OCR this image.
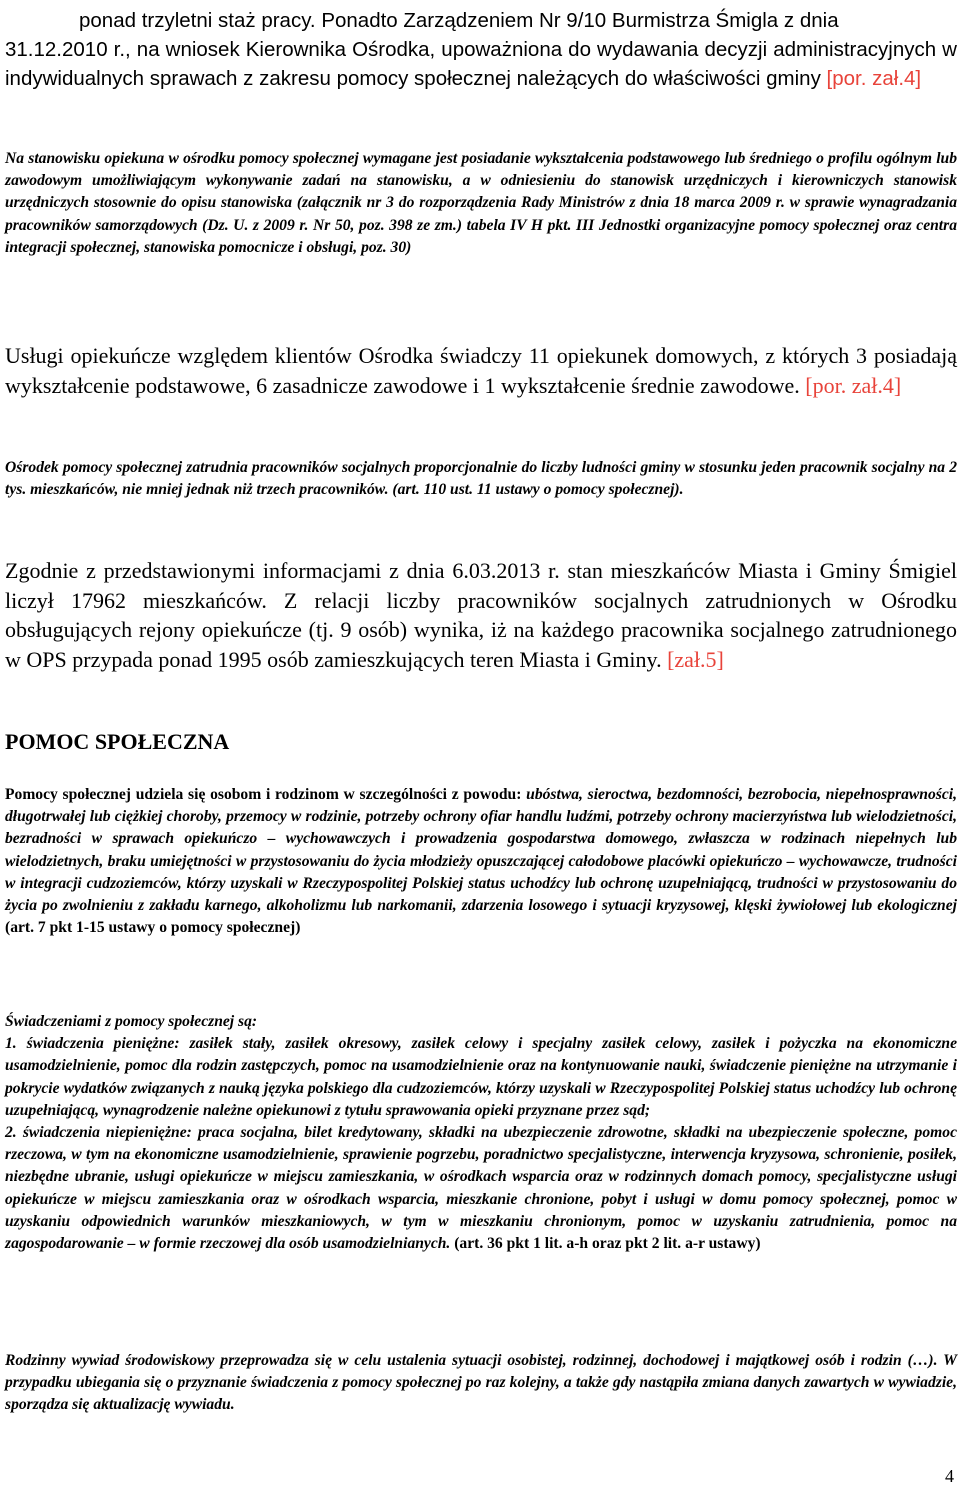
ponad trzyletni staż pracy. Ponadto Zarządzeniem Nr 9/10 Burmistrza Śmigla z dnia
31.12.2010 r., na wniosek Kierownika Ośrodka, upoważniona do wydawania decyzji administracyjnych w indywidualnych sprawach z zakresu pomocy społecznej należących do właściwości gminy [por. zał.4]

Na stanowisku opiekuna w ośrodku pomocy społecznej wymagane jest posiadanie wykształcenia podstawowego lub średniego o profilu ogólnym lub zawodowym umożliwiającym wykonywanie zadań na stanowisku, a w odniesieniu do stanowisk urzędniczych i kierowniczych stanowisk urzędniczych stosownie do opisu stanowiska (załącznik nr 3 do rozporządzenia Rady Ministrów z dnia 18 marca 2009 r. w sprawie wynagradzania pracowników samorządowych (Dz. U. z 2009 r. Nr 50, poz. 398 ze zm.) tabela IV H pkt. III Jednostki organizacyjne pomocy społecznej oraz centra integracji społecznej, stanowiska pomocnicze i obsługi, poz. 30)

Usługi opiekuńcze względem klientów Ośrodka świadczy 11 opiekunek domowych, z których 3 posiadają wykształcenie podstawowe, 6 zasadnicze zawodowe i 1 wykształcenie średnie zawodowe. [por. zał.4]

Ośrodek pomocy społecznej zatrudnia pracowników socjalnych proporcjonalnie do liczby ludności gminy w stosunku jeden pracownik socjalny na 2 tys. mieszkańców, nie mniej jednak niż trzech pracowników. (art. 110 ust. 11 ustawy o pomocy społecznej).

Zgodnie z przedstawionymi informacjami z dnia 6.03.2013 r. stan mieszkańców Miasta i Gminy Śmigiel liczył 17962 mieszkańców. Z relacji liczby pracowników socjalnych zatrudnionych w Ośrodku obsługujących rejony opiekuńcze (tj. 9 osób) wynika, iż na każdego pracownika socjalnego zatrudnionego w OPS przypada ponad 1995 osób zamieszkujących teren Miasta i Gminy. [zał.5]

POMOC SPOŁECZNA

Pomocy społecznej udziela się osobom i rodzinom w szczególności z powodu: ubóstwa, sieroctwa, bezdomności, bezrobocia, niepełnosprawności, długotrwałej lub ciężkiej choroby, przemocy w rodzinie, potrzeby ochrony ofiar handlu ludźmi, potrzeby ochrony macierzyństwa lub wielodzietności, bezradności w sprawach opiekuńczo – wychowawczych i prowadzenia gospodarstwa domowego, zwłaszcza w rodzinach niepełnych lub wielodzietnych, braku umiejętności w przystosowaniu do życia młodzieży opuszczającej całodobowe placówki opiekuńczo – wychowawcze, trudności w integracji cudzoziemców, którzy uzyskali w Rzeczypospolitej Polskiej status uchodźcy lub ochronę uzupełniającą, trudności w przystosowaniu do życia po zwolnieniu z zakładu karnego, alkoholizmu lub narkomanii, zdarzenia losowego i sytuacji kryzysowej, klęski żywiołowej lub ekologicznej (art. 7 pkt 1-15 ustawy o pomocy społecznej)

Świadczeniami z pomocy społecznej są:
1. świadczenia pieniężne: zasiłek stały, zasiłek okresowy, zasiłek celowy i specjalny zasiłek celowy, zasiłek i pożyczka na ekonomiczne usamodzielnienie, pomoc dla rodzin zastępczych, pomoc na usamodzielnienie oraz na kontynuowanie nauki, świadczenie pieniężne na utrzymanie i pokrycie wydatków związanych z nauką języka polskiego dla cudzoziemców, którzy uzyskali w Rzeczypospolitej Polskiej status uchodźcy lub ochronę uzupełniającą, wynagrodzenie należne opiekunowi z tytułu sprawowania opieki przyznane przez sąd;
2. świadczenia niepieniężne: praca socjalna, bilet kredytowany, składki na ubezpieczenie zdrowotne, składki na ubezpieczenie społeczne, pomoc rzeczowa, w tym na ekonomiczne usamodzielnienie, sprawienie pogrzebu, poradnictwo specjalistyczne, interwencja kryzysowa, schronienie, posiłek, niezbędne ubranie, usługi opiekuńcze w miejscu zamieszkania, w ośrodkach wsparcia oraz w rodzinnych domach pomocy, specjalistyczne usługi opiekuńcze w miejscu zamieszkania oraz w ośrodkach wsparcia, mieszkanie chronione, pobyt i usługi w domu pomocy społecznej, pomoc w uzyskaniu odpowiednich warunków mieszkaniowych, w tym w mieszkaniu chronionym, pomoc w uzyskaniu zatrudnienia, pomoc na zagospodarowanie – w formie rzeczowej dla osób usamodzielnianych. (art. 36 pkt 1 lit. a-h oraz pkt 2 lit. a-r ustawy)

Rodzinny wywiad środowiskowy przeprowadza się w celu ustalenia sytuacji osobistej, rodzinnej, dochodowej i majątkowej osób i rodzin (…). W przypadku ubiegania się o przyznanie świadczenia z pomocy społecznej po raz kolejny, a także gdy nastąpiła zmiana danych zawartych w wywiadzie, sporządza się aktualizację wywiadu.

4
